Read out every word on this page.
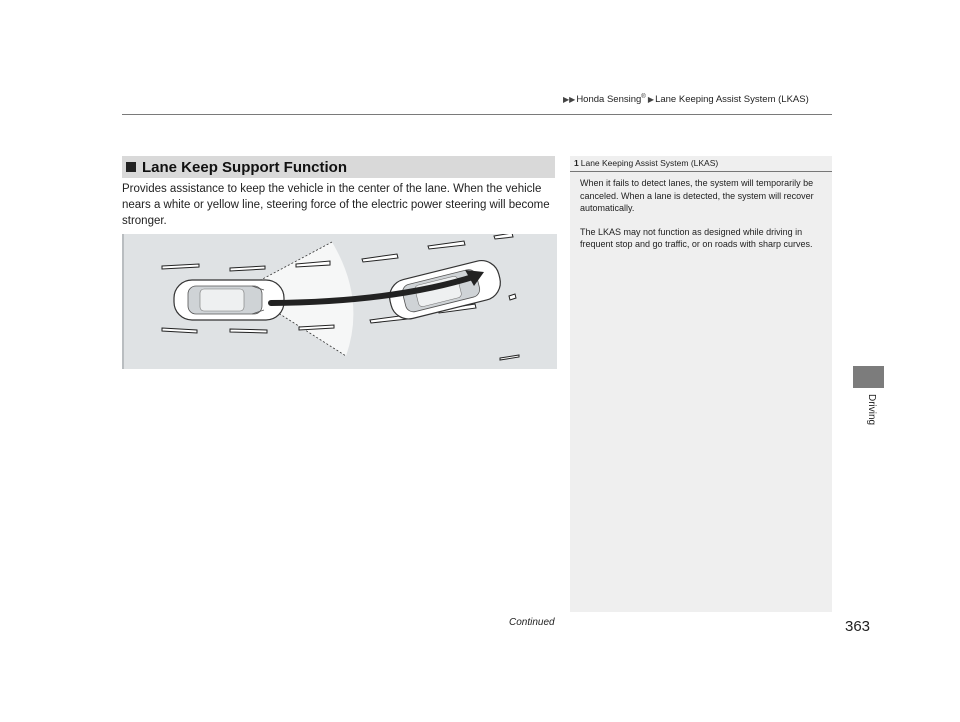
▶▶Honda Sensing® ▶Lane Keeping Assist System (LKAS)
Lane Keep Support Function

Provides assistance to keep the vehicle in the center of the lane. When the vehicle nears a white or yellow line, steering force of the electric power steering will become stronger.

1 Lane Keeping Assist System (LKAS)

When it fails to detect lanes, the system will temporarily be canceled. When a lane is detected, the system will recover automatically.

The LKAS may not function as designed while driving in frequent stop and go traffic, or on roads with sharp curves.

Driving
Continued	363
